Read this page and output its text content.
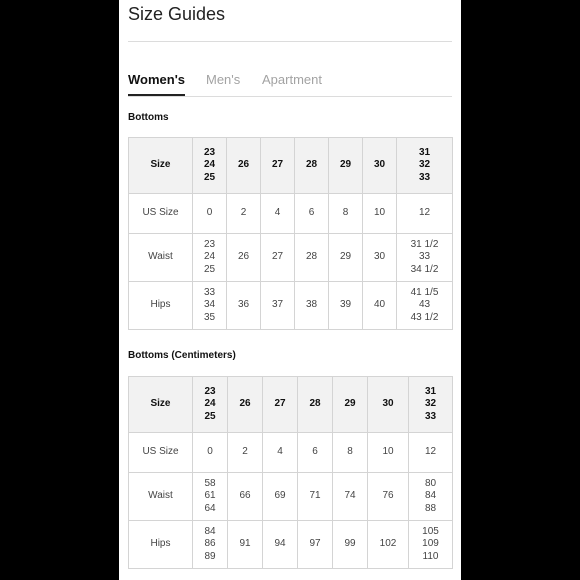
Size Guides
Women's Men's Apartment
Bottoms
Size	23
24
25	26	27	28	29	30	31
32
33
US Size	0	2	4	6	8	10	12
Waist	23
24
25	26	27	28	29	30	31 1/2
33
34 1/2
Hips	33
34
35	36	37	38	39	40	41 1/5
43
43 1/2
Bottoms (Centimeters)
Size	23
24
25	26	27	28	29	30	31
32
33
US Size	0	2	4	6	8	10	12
Waist	58
61
64	66	69	71	74	76	80
84
88
Hips	84
86
89	91	94	97	99	102	105
109
110
